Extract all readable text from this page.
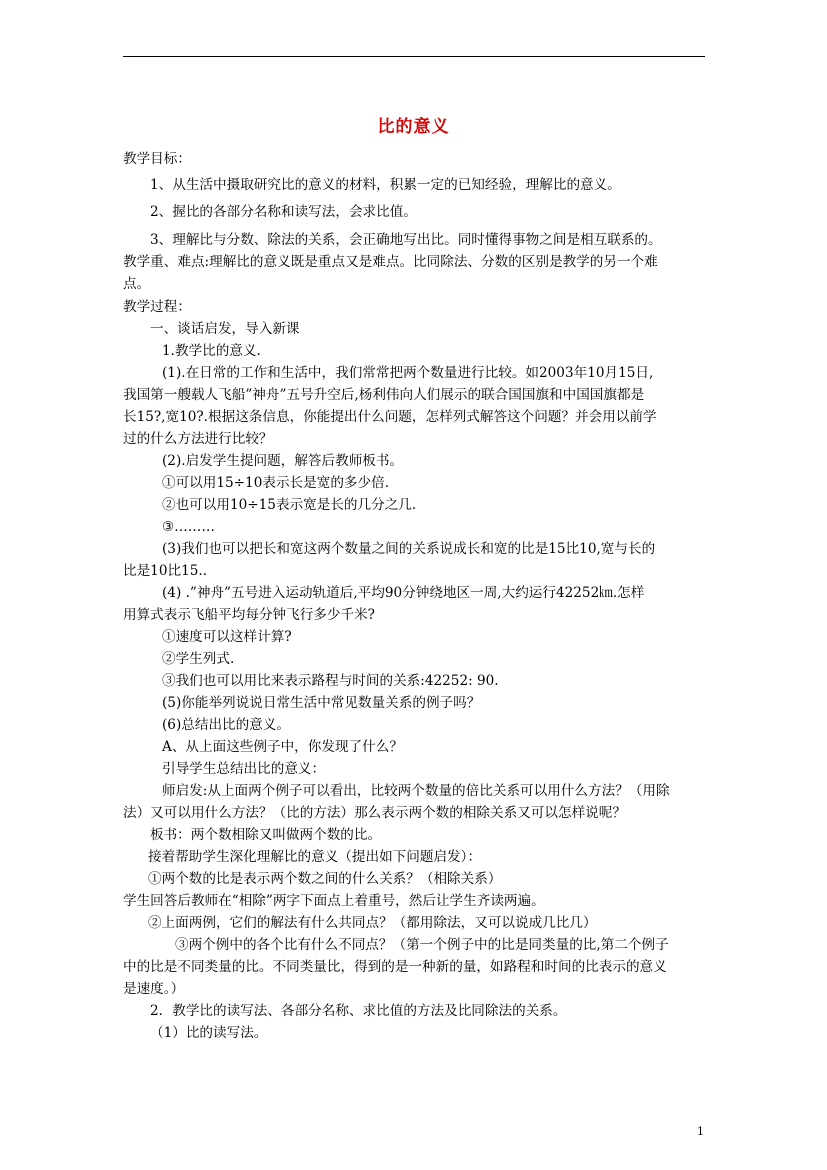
比的意义
教学目标：
1、从生活中摄取研究比的意义的材料，积累一定的已知经验，理解比的意义。
2、握比的各部分名称和读写法，会求比值。
3、理解比与分数、除法的关系，会正确地写出比。同时懂得事物之间是相互联系的。
教学重、难点:理解比的意义既是重点又是难点。比同除法、分数的区别是教学的另一个难
点。
教学过程：
一、谈话启发，导入新课
1.教学比的意义.
(1).在日常的工作和生活中，我们常常把两个数量进行比较。如2003年10月15日,
我国第一艘载人飞船”神舟”五号升空后,杨利伟向人们展示的联合国国旗和中国国旗都是
长15?,宽10?.根据这条信息，你能提出什么问题，怎样列式解答这个问题？并会用以前学
过的什么方法进行比较？
(2).启发学生提问题，解答后教师板书。
①可以用15÷10表示长是宽的多少倍.
②也可以用10÷15表示宽是长的几分之几.
③………
(3)我们也可以把长和宽这两个数量之间的关系说成长和宽的比是15比10,宽与长的
比是10比15..
(4) .”神舟”五号进入运动轨道后,平均90分钟绕地区一周,大约运行42252㎞.怎样
用算式表示飞船平均每分钟飞行多少千米?
①速度可以这样计算?
②学生列式.
③我们也可以用比来表示路程与时间的关系:42252: 90.
(5)你能举列说说日常生活中常见数量关系的例子吗？
(6)总结出比的意义。
A、从上面这些例子中，你发现了什么？
引导学生总结出比的意义：
师启发:从上面两个例子可以看出，比较两个数量的倍比关系可以用什么方法？（用除
法）又可以用什么方法？（比的方法）那么表示两个数的相除关系又可以怎样说呢？
板书：两个数相除又叫做两个数的比。
接着帮助学生深化理解比的意义（提出如下问题启发）：
①两个数的比是表示两个数之间的什么关系？（相除关系）
学生回答后教师在“相除”两字下面点上着重号，然后让学生齐读两遍。
②上面两例，它们的解法有什么共同点？（都用除法，又可以说成几比几）
③两个例中的各个比有什么不同点？（第一个例子中的比是同类量的比,第二个例子
中的比是不同类量的比。不同类量比，得到的是一种新的量，如路程和时间的比表示的意义
是速度。）
2．教学比的读写法、各部分名称、求比值的方法及比同除法的关系。
（1）比的读写法。
1
